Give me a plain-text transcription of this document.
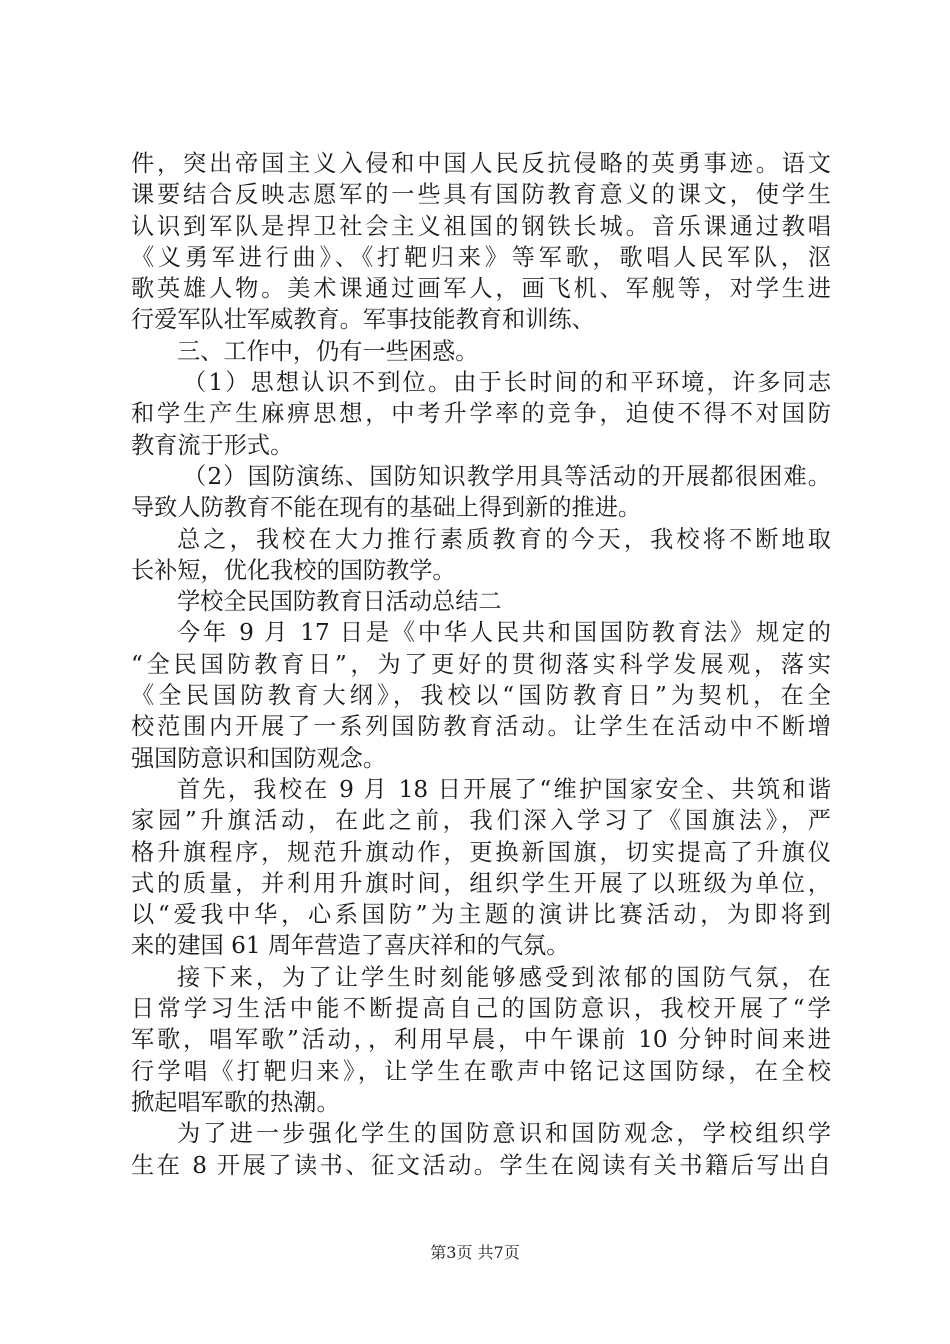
件，突出帝国主义入侵和中国人民反抗侵略的英勇事迹。语文
课要结合反映志愿军的一些具有国防教育意义的课文，使学生
认识到军队是捍卫社会主义祖国的钢铁长城。音乐课通过教唱
《义勇军进行曲》、《打靶归来》等军歌，歌唱人民军队，沤
歌英雄人物。美术课通过画军人，画飞机、军舰等，对学生进
行爱军队壮军威教育。军事技能教育和训练、
三、工作中，仍有一些困惑。
（1）思想认识不到位。由于长时间的和平环境，许多同志
和学生产生麻痹思想，中考升学率的竞争，迫使不得不对国防
教育流于形式。
（2）国防演练、国防知识教学用具等活动的开展都很困难。
导致人防教育不能在现有的基础上得到新的推进。
总之，我校在大力推行素质教育的今天，我校将不断地取
长补短，优化我校的国防教学。
学校全民国防教育日活动总结二
今年 9 月 17 日是《中华人民共和国国防教育法》规定的
“全民国防教育日”，为了更好的贯彻落实科学发展观，落实
《全民国防教育大纲》，我校以“国防教育日”为契机，在全
校范围内开展了一系列国防教育活动。让学生在活动中不断增
强国防意识和国防观念。
首先，我校在 9 月 18 日开展了“维护国家安全、共筑和谐
家园”升旗活动，在此之前，我们深入学习了《国旗法》，严
格升旗程序，规范升旗动作，更换新国旗，切实提高了升旗仪
式的质量，并利用升旗时间，组织学生开展了以班级为单位，
以“爱我中华，心系国防”为主题的演讲比赛活动，为即将到
来的建国 61 周年营造了喜庆祥和的气氛。
接下来，为了让学生时刻能够感受到浓郁的国防气氛，在
日常学习生活中能不断提高自己的国防意识，我校开展了“学
军歌，唱军歌”活动，，利用早晨，中午课前 10 分钟时间来进
行学唱《打靶归来》，让学生在歌声中铭记这国防绿，在全校
掀起唱军歌的热潮。
为了进一步强化学生的国防意识和国防观念，学校组织学
生在 8 开展了读书、征文活动。学生在阅读有关书籍后写出自
第3页 共7页
